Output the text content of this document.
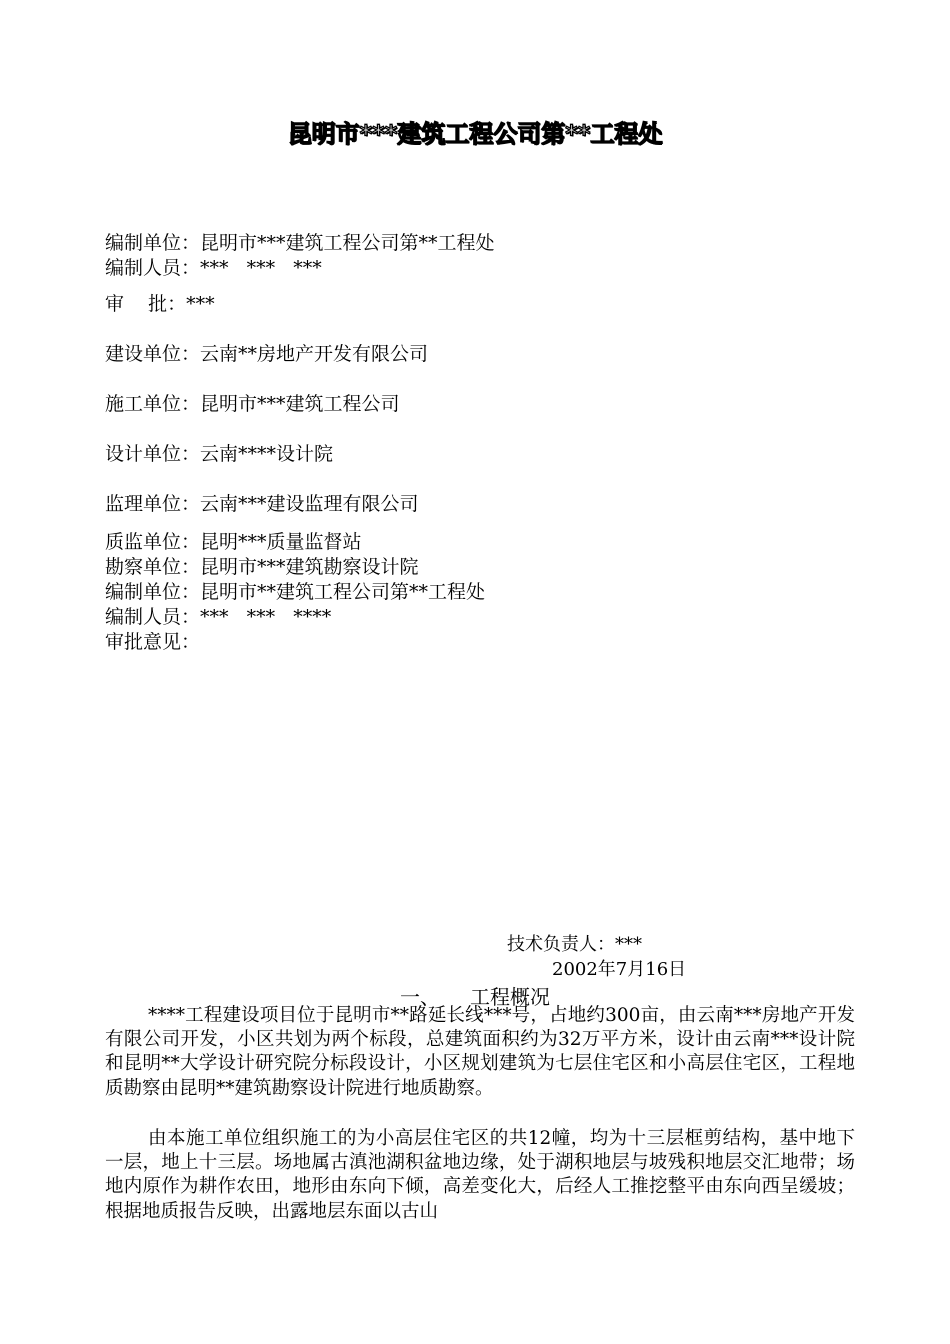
昆明市***建筑工程公司第**工程处
编制单位：昆明市***建筑工程公司第**工程处
编制人员：***   ***   ***
审    批：***
建设单位：云南**房地产开发有限公司
施工单位：昆明市***建筑工程公司
设计单位：云南****设计院
监理单位：云南***建设监理有限公司
质监单位：昆明***质量监督站
勘察单位：昆明市***建筑勘察设计院
编制单位：昆明市**建筑工程公司第**工程处
编制人员：***   ***   ****
审批意见：
技术负责人：***
2002年7月16日
一、 工程概况

****工程建设项目位于昆明市**路延长线***号，占地约300亩，由云南***房地产开发有限公司开发，小区共划为两个标段，总建筑面积约为32万平方米，设计由云南***设计院和昆明**大学设计研究院分标段设计，小区规划建筑为七层住宅区和小高层住宅区，工程地质勘察由昆明**建筑勘察设计院进行地质勘察。

由本施工单位组织施工的为小高层住宅区的共12幢，均为十三层框剪结构，基中地下一层，地上十三层。场地属古滇池湖积盆地边缘，处于湖积地层与坡残积地层交汇地带；场地内原作为耕作农田，地形由东向下倾，高差变化大，后经人工推挖整平由东向西呈缓坡；根据地质报告反映，出露地层东面以古山
